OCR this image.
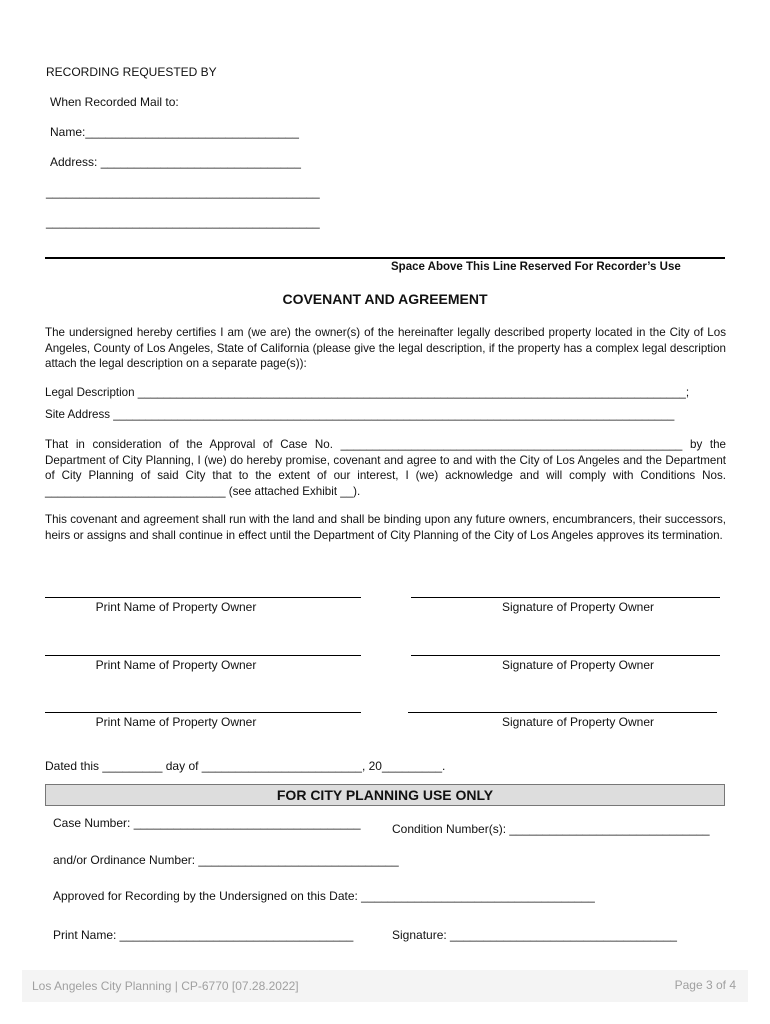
RECORDING REQUESTED BY
When Recorded Mail to:
Name:________________________________
Address: ______________________________
_________________________________________
_________________________________________
Space Above This Line Reserved For Recorder’s Use
COVENANT AND AGREEMENT
The undersigned hereby certifies I am (we are) the owner(s) of the hereinafter legally described property located in the City of Los Angeles, County of Los Angeles, State of California (please give the legal description, if the property has a complex legal description attach the legal description on a separate page(s)):
Legal Description _____________________________________________________________________________________;
Site Address _______________________________________________________________________________________
That in consideration of the Approval of Case No. _____________________________________________________ by the Department of City Planning, I (we) do hereby promise, covenant and agree to and with the City of Los Angeles and the Department of City Planning of said City that to the extent of our interest, I (we) acknowledge and will comply with Conditions Nos. ____________________________ (see attached Exhibit __).
This covenant and agreement shall run with the land and shall be binding upon any future owners, encumbrancers, their successors, heirs or assigns and shall continue in effect until the Department of City Planning of the City of Los Angeles approves its termination.
Print Name of Property Owner	Signature of Property Owner
Print Name of Property Owner	Signature of Property Owner
Print Name of Property Owner	Signature of Property Owner
Dated this _________ day of ________________________, 20_________.
FOR CITY PLANNING USE ONLY
Case Number: __________________________________	Condition Number(s): ______________________________
and/or Ordinance Number: ______________________________
Approved for Recording by the Undersigned on this Date: ___________________________________
Print Name: ___________________________________	Signature: __________________________________
Los Angeles City Planning | CP-6770 [07.28.2022]	Page 3 of 4
